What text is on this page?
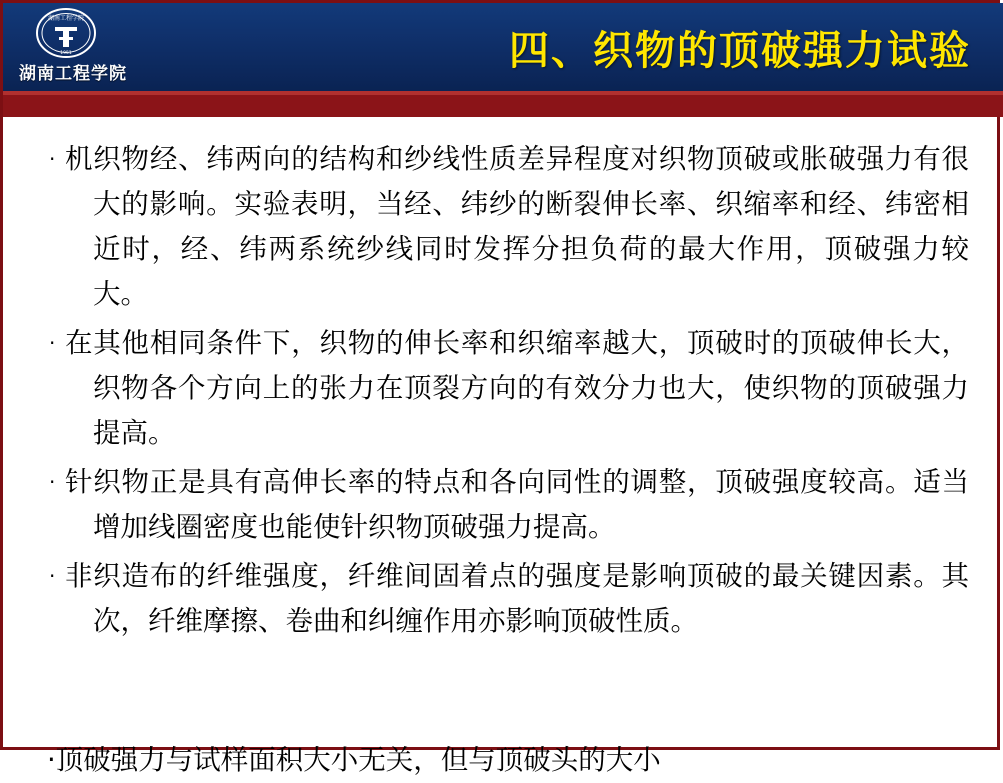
湖南工程学院
1951
湖南工程学院	四、织物的顶破强力试验
· 机织物经、纬两向的结构和纱线性质差异程度对织物顶破或胀破强力有很大的影响。实验表明，当经、纬纱的断裂伸长率、织缩率和经、纬密相近时，经、纬两系统纱线同时发挥分担负荷的最大作用，顶破强力较大。
· 在其他相同条件下，织物的伸长率和织缩率越大，顶破时的顶破伸长大，织物各个方向上的张力在顶裂方向的有效分力也大，使织物的顶破强力提高。
· 针织物正是具有高伸长率的特点和各向同性的调整，顶破强度较高。适当增加线圈密度也能使针织物顶破强力提高。
· 非织造布的纤维强度，纤维间固着点的强度是影响顶破的最关键因素。其次，纤维摩擦、卷曲和纠缠作用亦影响顶破性质。
·顶破强力与试样面积大小无关，但与顶破头的大小
